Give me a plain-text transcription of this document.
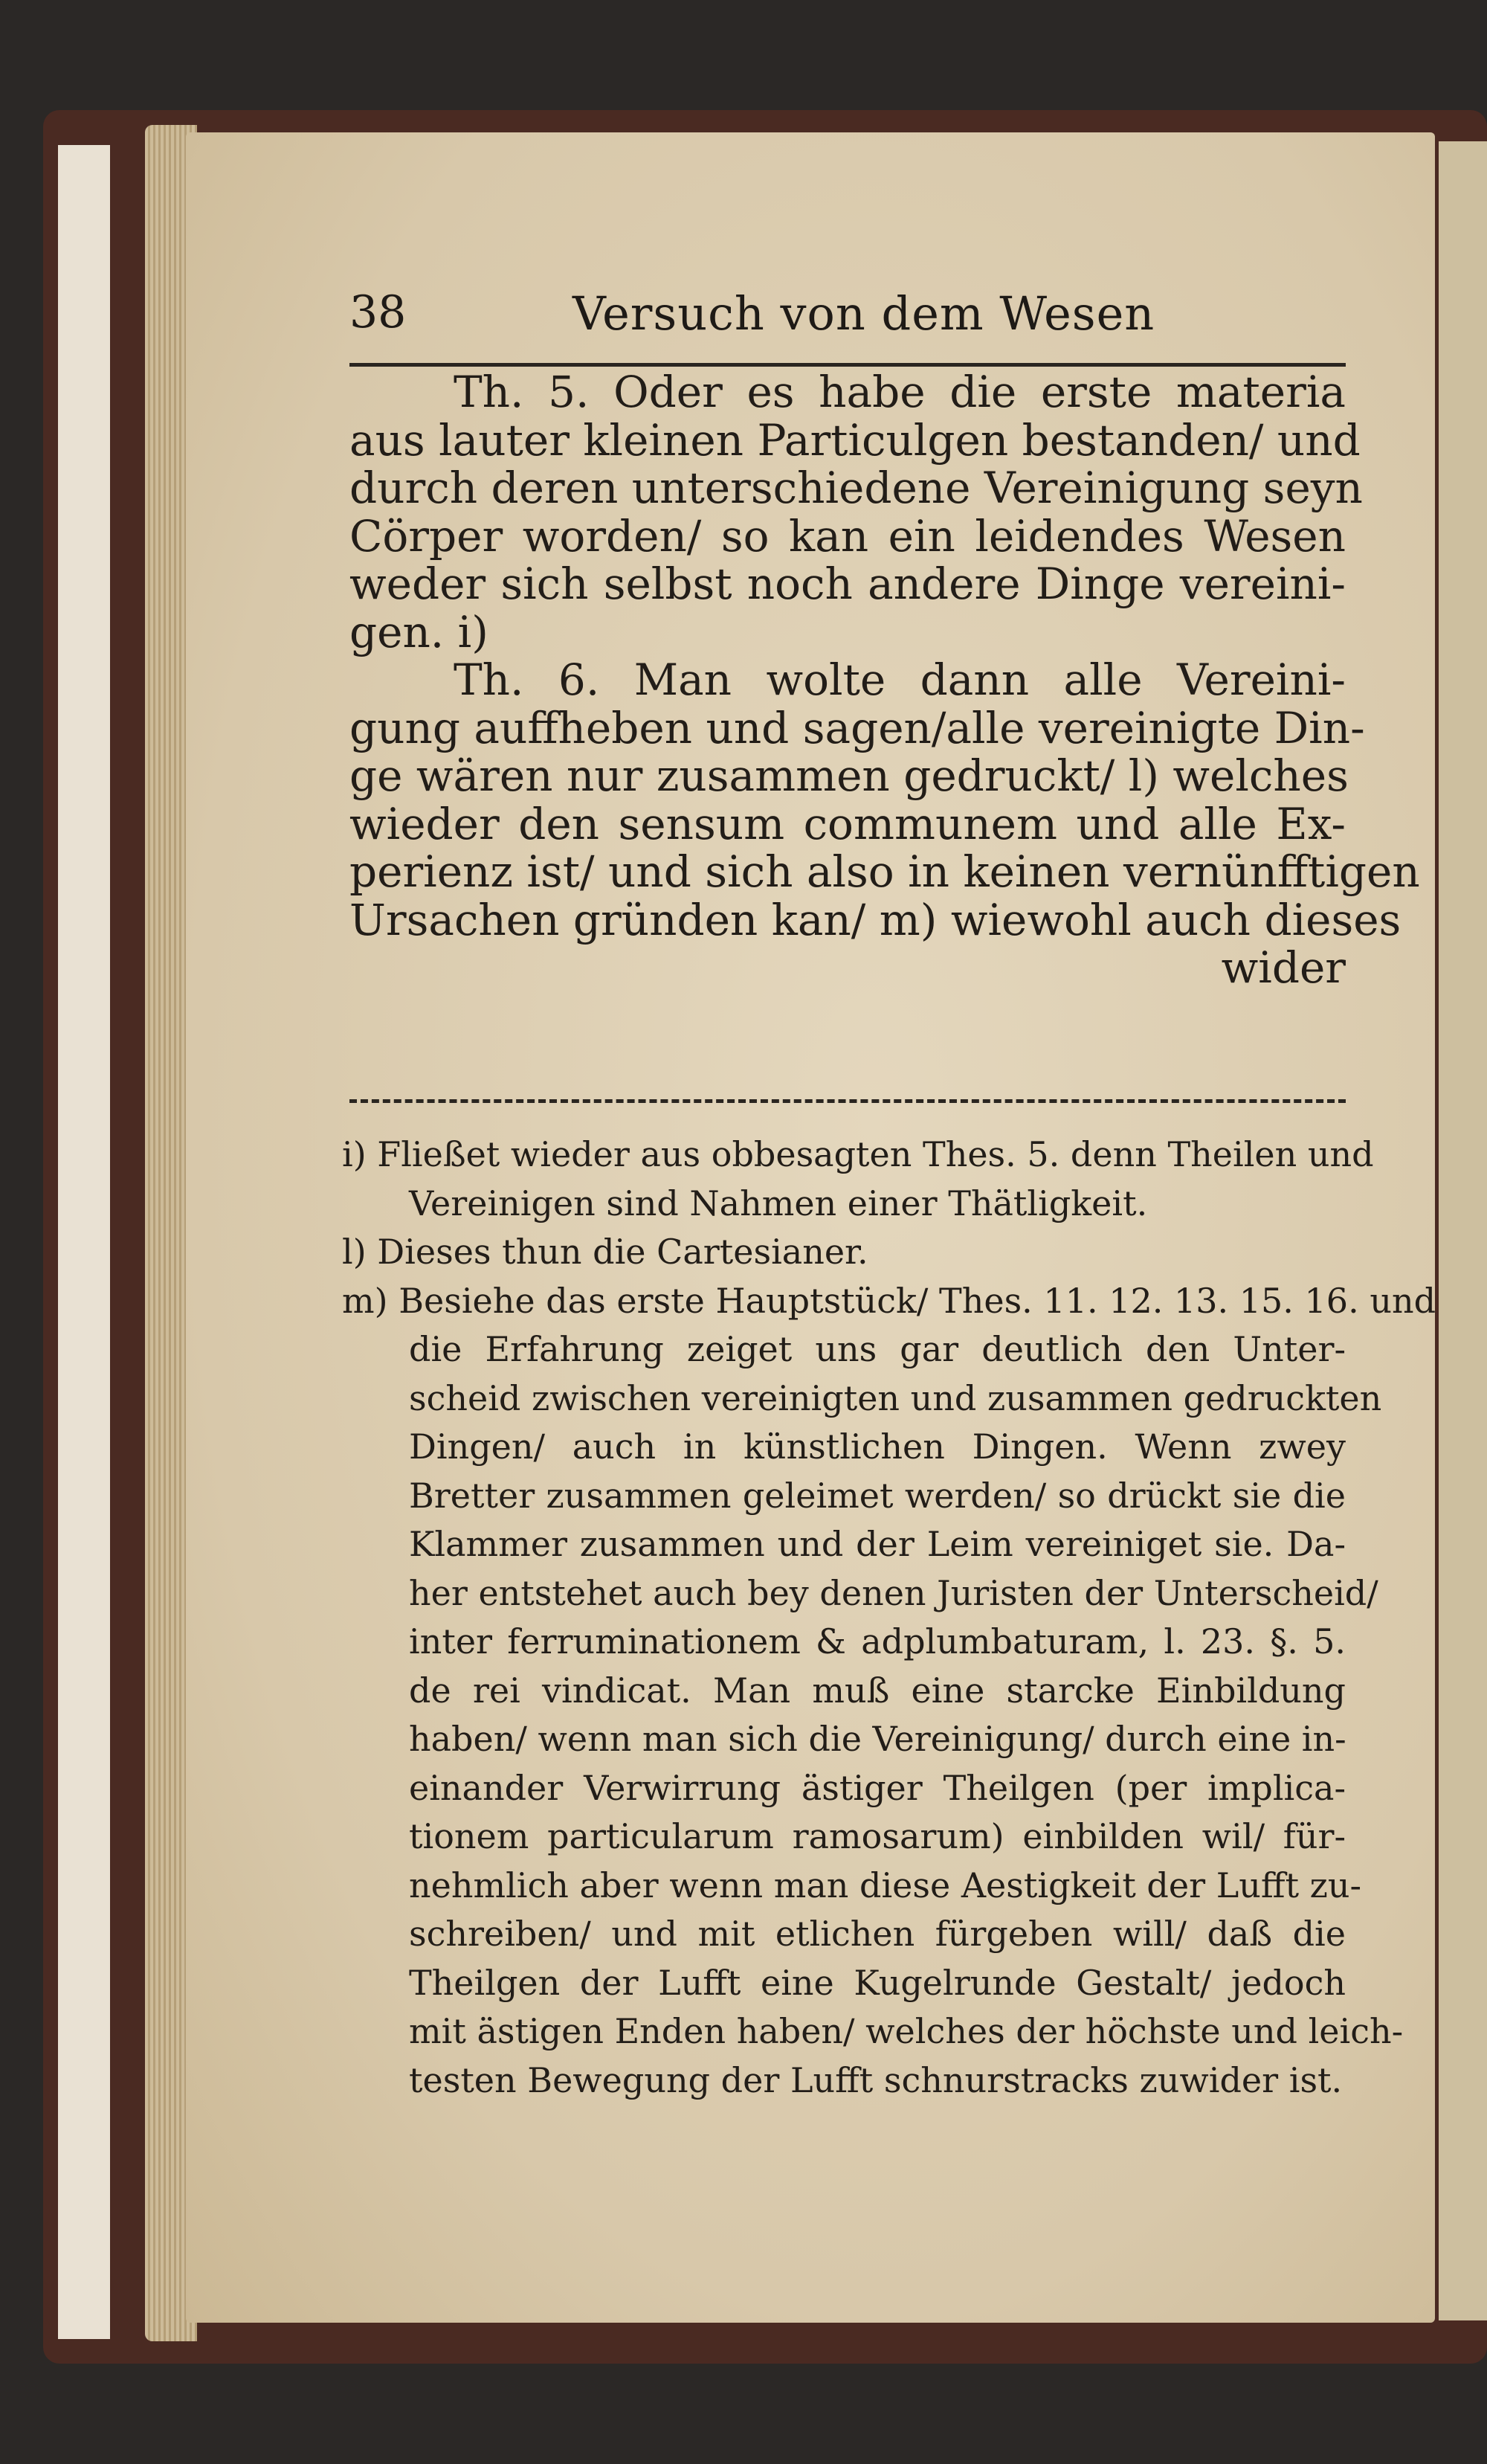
38	Versuch von dem Wesen
Th. 5. Oder es habe die erste materia
aus lauter kleinen Particulgen bestanden/ und
durch deren unterschiedene Vereinigung seyn
Cörper worden/ so kan ein leidendes Wesen
weder sich selbst noch andere Dinge vereini-
gen. i)
Th. 6. Man wolte dann alle Vereini-
gung auffheben und sagen/alle vereinigte Din-
ge wären nur zusammen gedruckt/ l) welches
wieder den sensum communem und alle Ex-
perienz ist/ und sich also in keinen vernünfftigen
Ursachen gründen kan/ m) wiewohl auch dieses
wider
i) Fließet wieder aus obbesagten Thes. 5. denn Theilen und
Vereinigen sind Nahmen einer Thätligkeit.
l) Dieses thun die Cartesianer.
m) Besiehe das erste Hauptstück/ Thes. 11. 12. 13. 15. 16. und
die Erfahrung zeiget uns gar deutlich den Unter-
scheid zwischen vereinigten und zusammen gedruckten
Dingen/ auch in künstlichen Dingen. Wenn zwey
Bretter zusammen geleimet werden/ so drückt sie die
Klammer zusammen und der Leim vereiniget sie. Da-
her entstehet auch bey denen Juristen der Unterscheid/
inter ferruminationem & adplumbaturam, l. 23. §. 5.
de rei vindicat. Man muß eine starcke Einbildung
haben/ wenn man sich die Vereinigung/ durch eine in-
einander Verwirrung ästiger Theilgen (per implica-
tionem particularum ramosarum) einbilden wil/ für-
nehmlich aber wenn man diese Aestigkeit der Lufft zu-
schreiben/ und mit etlichen fürgeben will/ daß die
Theilgen der Lufft eine Kugelrunde Gestalt/ jedoch
mit ästigen Enden haben/ welches der höchste und leich-
testen Bewegung der Lufft schnurstracks zuwider ist.
